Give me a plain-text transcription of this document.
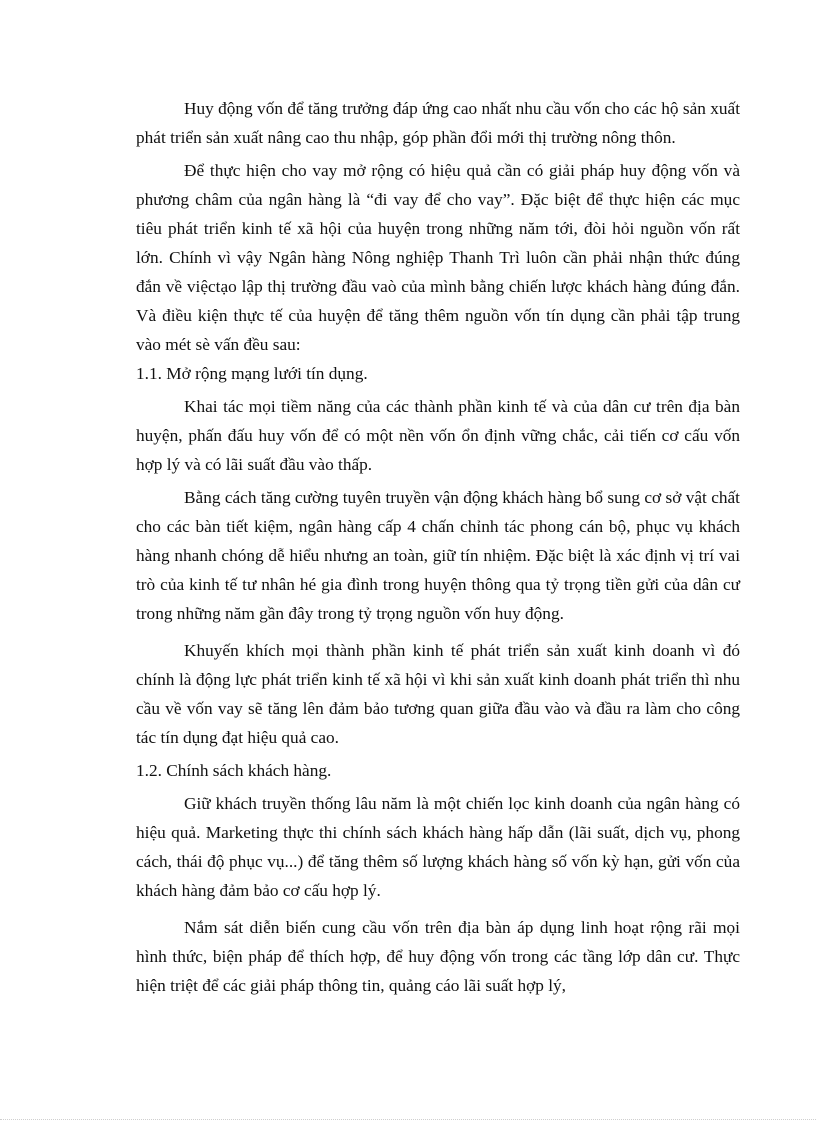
Huy động vốn để tăng trưởng đáp ứng cao nhất nhu cầu vốn cho các hộ sản xuất phát triển sản xuất nâng cao thu nhập, góp phần đổi mới thị trường nông thôn.

Để thực hiện cho vay mở rộng có hiệu quả cần có giải pháp huy động vốn và phương châm của ngân hàng là “đi vay để cho vay”. Đặc biệt để thực hiện các mục tiêu phát triển kinh tế xã hội của huyện trong những năm tới, đòi hỏi nguồn vốn rất lớn. Chính vì vậy Ngân hàng Nông nghiệp Thanh Trì luôn cần phải nhận thức đúng đắn về việctạo lập thị trường đầu vaò của mình bằng chiến lược khách hàng đúng đắn. Và điều kiện thực tế của huyện để tăng thêm nguồn vốn tín dụng cần phải tập trung vào mét sè vấn đều sau:

1.1. Mở rộng mạng lưới tín dụng.

Khai tác mọi tiềm năng của các thành phần kinh tế và của dân cư trên địa bàn huyện, phấn đấu huy vốn để có một nền vốn ổn định vững chắc, cải tiến cơ cấu vốn hợp lý và có lãi suất đầu vào thấp.

Bằng cách tăng cường tuyên truyền vận động khách hàng bổ sung cơ sở vật chất cho các bàn tiết kiệm, ngân hàng cấp 4 chấn chỉnh tác phong cán bộ, phục vụ khách hàng nhanh chóng dễ hiểu nhưng an toàn, giữ tín nhiệm. Đặc biệt là xác định vị trí vai trò của kinh tế tư nhân hé gia đình trong huyện thông qua tỷ trọng tiền gửi của dân cư trong những năm gần đây trong tỷ trọng nguồn vốn huy động.

Khuyến khích mọi thành phần kinh tế phát triển sản xuất kinh doanh vì đó chính là động lực phát triển kinh tế xã hội vì khi sản xuất kinh doanh phát triển thì nhu cầu về vốn vay sẽ tăng lên đảm bảo tương quan giữa đầu vào và đầu ra làm cho công tác tín dụng đạt hiệu quả cao.

1.2. Chính sách khách hàng.

Giữ khách truyền thống lâu năm là một chiến lọc kinh doanh của ngân hàng có hiệu quả. Marketing thực thi chính sách khách hàng hấp dẫn (lãi suất, dịch vụ, phong cách, thái độ phục vụ...) để tăng thêm số lượng khách hàng số vốn kỳ hạn, gửi vốn của khách hàng đảm bảo cơ cấu hợp lý.

Nắm sát diễn biến cung cầu vốn trên địa bàn áp dụng linh hoạt rộng rãi mọi hình thức, biện pháp để thích hợp, để huy động vốn trong các tầng lớp dân cư. Thực hiện triệt để các giải pháp thông tin, quảng cáo lãi suất hợp lý,
